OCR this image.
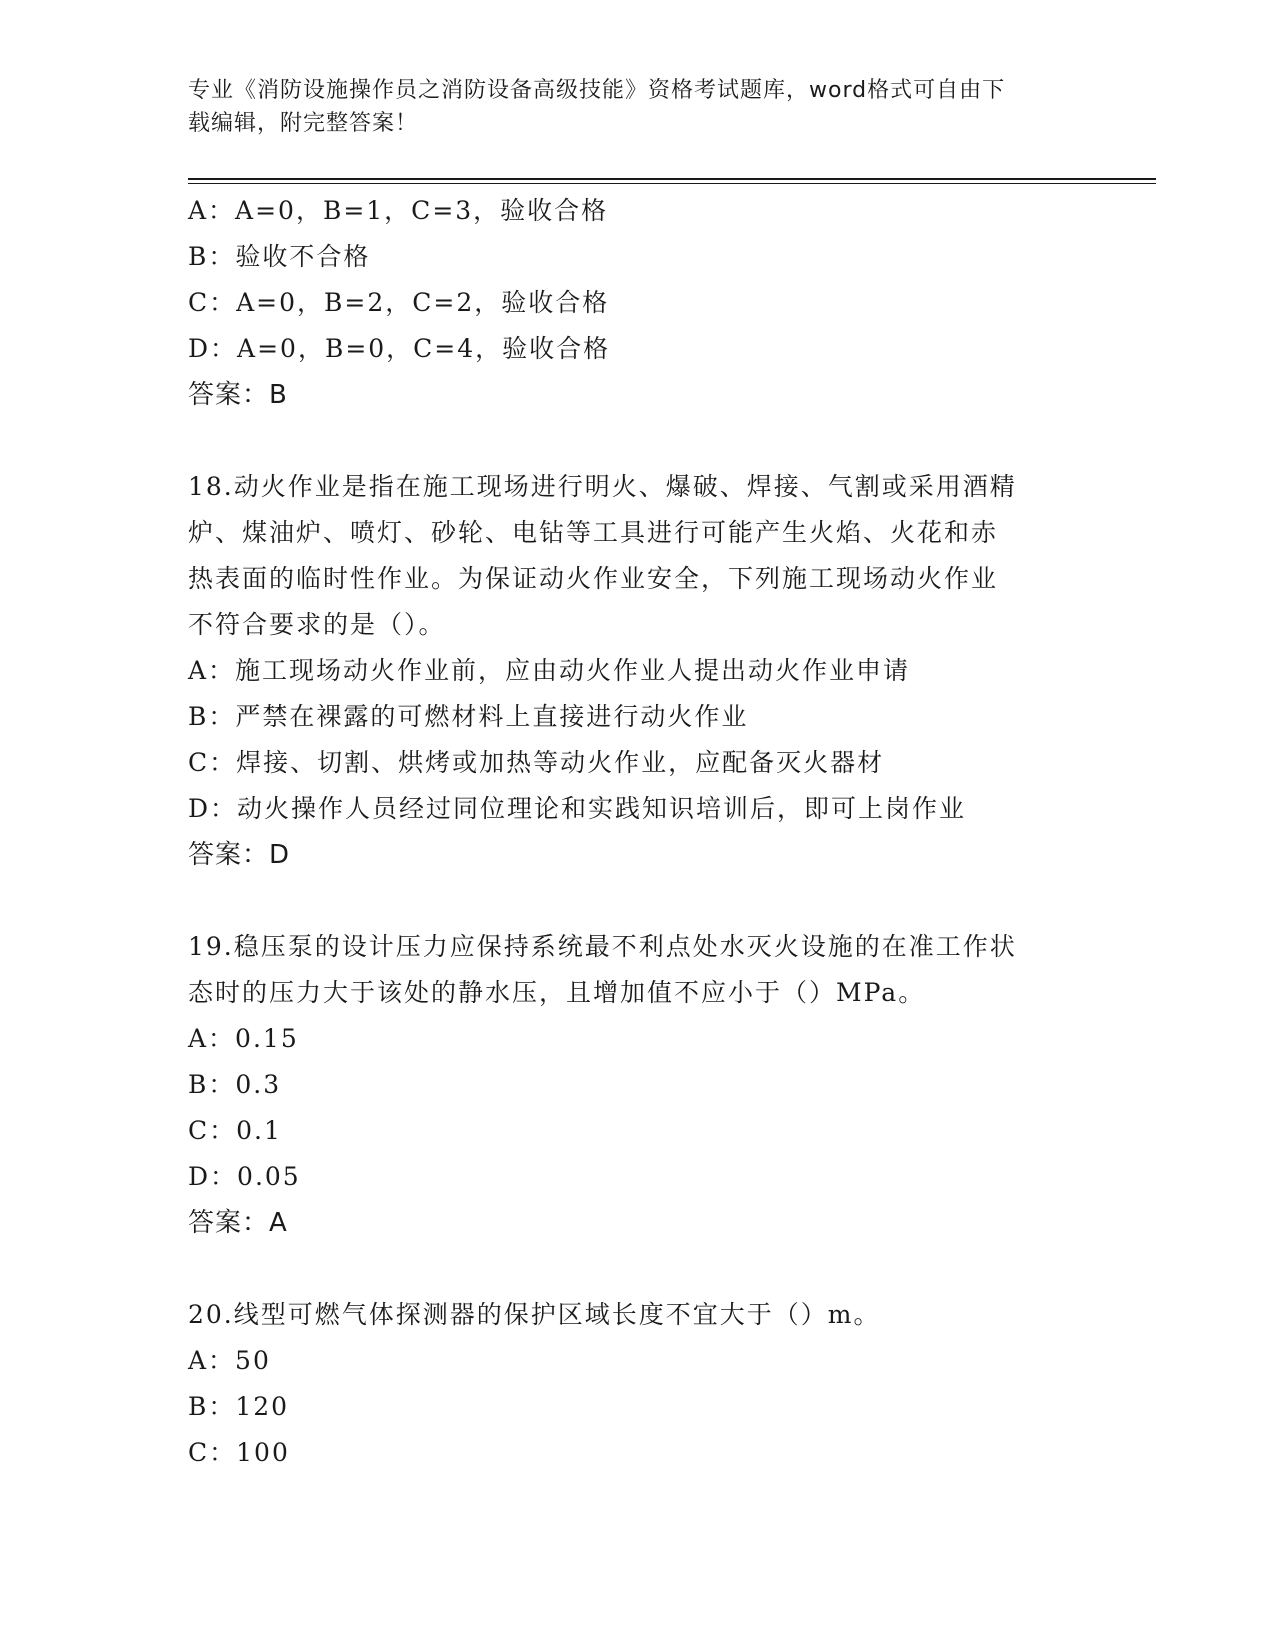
专业《消防设施操作员之消防设备高级技能》资格考试题库，word格式可自由下
载编辑，附完整答案！
A：A=0，B=1，C=3，验收合格
B：验收不合格
C：A=0，B=2，C=2，验收合格
D：A=0，B=0，C=4，验收合格
答案：B
18.动火作业是指在施工现场进行明火、爆破、焊接、气割或采用酒精
炉、煤油炉、喷灯、砂轮、电钻等工具进行可能产生火焰、火花和赤
热表面的临时性作业。为保证动火作业安全，下列施工现场动火作业
不符合要求的是（）。
A：施工现场动火作业前，应由动火作业人提出动火作业申请
B：严禁在裸露的可燃材料上直接进行动火作业
C：焊接、切割、烘烤或加热等动火作业，应配备灭火器材
D：动火操作人员经过同位理论和实践知识培训后，即可上岗作业
答案：D
19.稳压泵的设计压力应保持系统最不利点处水灭火设施的在准工作状
态时的压力大于该处的静水压，且增加值不应小于（）MPa。
A：0.15
B：0.3
C：0.1
D：0.05
答案：A
20.线型可燃气体探测器的保护区域长度不宜大于（）m。
A：50
B：120
C：100
